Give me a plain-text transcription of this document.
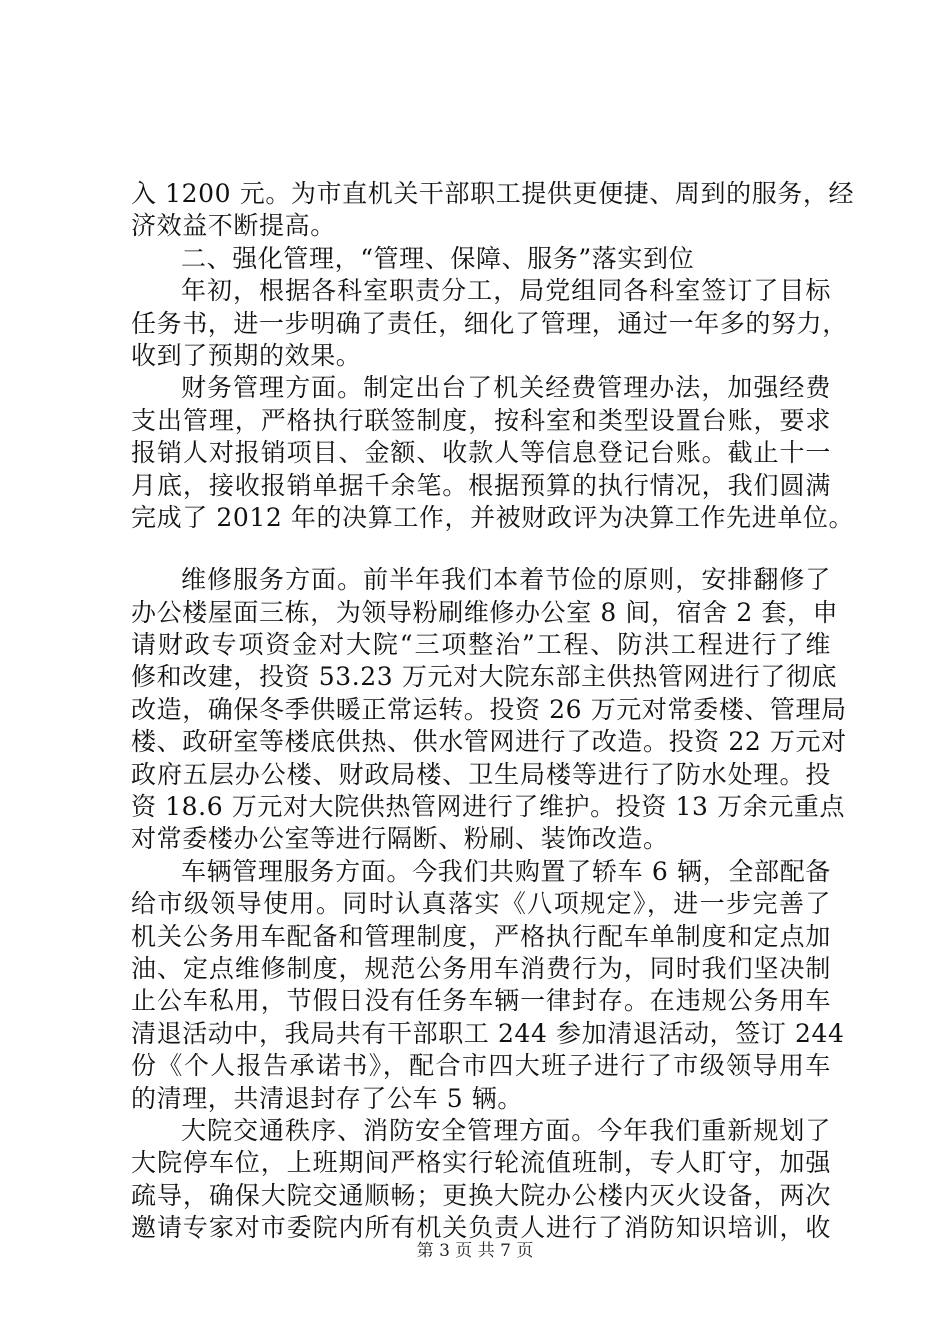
入 1200 元。为市直机关干部职工提供更便捷、周到的服务，经
济效益不断提高。
二、强化管理，“管理、保障、服务”落实到位
年初，根据各科室职责分工，局党组同各科室签订了目标
任务书，进一步明确了责任，细化了管理，通过一年多的努力，
收到了预期的效果。
财务管理方面。制定出台了机关经费管理办法，加强经费
支出管理，严格执行联签制度，按科室和类型设置台账，要求
报销人对报销项目、金额、收款人等信息登记台账。截止十一
月底，接收报销单据千余笔。根据预算的执行情况，我们圆满
完成了 2012 年的决算工作，并被财政评为决算工作先进单位。
维修服务方面。前半年我们本着节俭的原则，安排翻修了
办公楼屋面三栋，为领导粉刷维修办公室 8 间，宿舍 2 套，申
请财政专项资金对大院“三项整治”工程、防洪工程进行了维
修和改建，投资 53.23 万元对大院东部主供热管网进行了彻底
改造，确保冬季供暖正常运转。投资 26 万元对常委楼、管理局
楼、政研室等楼底供热、供水管网进行了改造。投资 22 万元对
政府五层办公楼、财政局楼、卫生局楼等进行了防水处理。投
资 18.6 万元对大院供热管网进行了维护。投资 13 万余元重点
对常委楼办公室等进行隔断、粉刷、装饰改造。
车辆管理服务方面。今我们共购置了轿车 6 辆，全部配备
给市级领导使用。同时认真落实《八项规定》，进一步完善了
机关公务用车配备和管理制度，严格执行配车单制度和定点加
油、定点维修制度，规范公务用车消费行为，同时我们坚决制
止公车私用，节假日没有任务车辆一律封存。在违规公务用车
清退活动中，我局共有干部职工 244 参加清退活动，签订 244
份《个人报告承诺书》，配合市四大班子进行了市级领导用车
的清理，共清退封存了公车 5 辆。
大院交通秩序、消防安全管理方面。今年我们重新规划了
大院停车位，上班期间严格实行轮流值班制，专人盯守，加强
疏导，确保大院交通顺畅；更换大院办公楼内灭火设备，两次
邀请专家对市委院内所有机关负责人进行了消防知识培训，收
第 3 页 共 7 页
